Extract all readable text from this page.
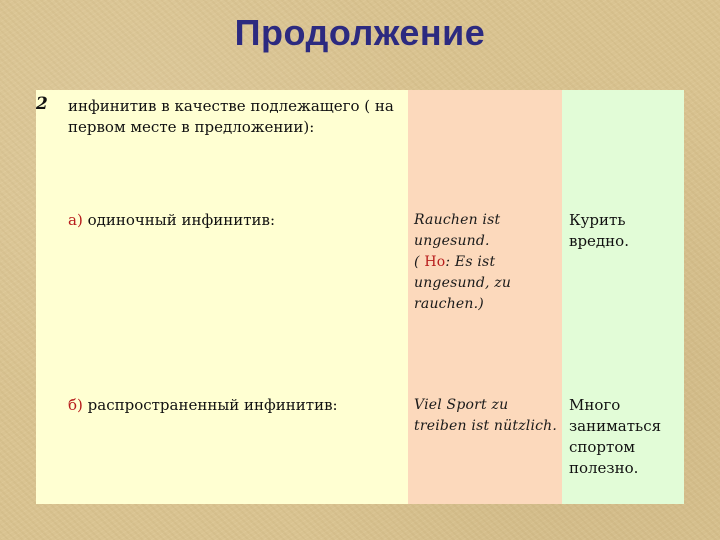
Продолжение
2 инфинитив в качестве подлежащего ( на первом месте в предложении):
а) одиночный инфинитив:	Rauchen ist ungesund.
( Но: Es ist ungesund, zu rauchen.)
Курить вредно.
б) распространенный инфинитив:	Viel Sport zu treiben ist nützlich.
Много заниматься спортом полезно.
